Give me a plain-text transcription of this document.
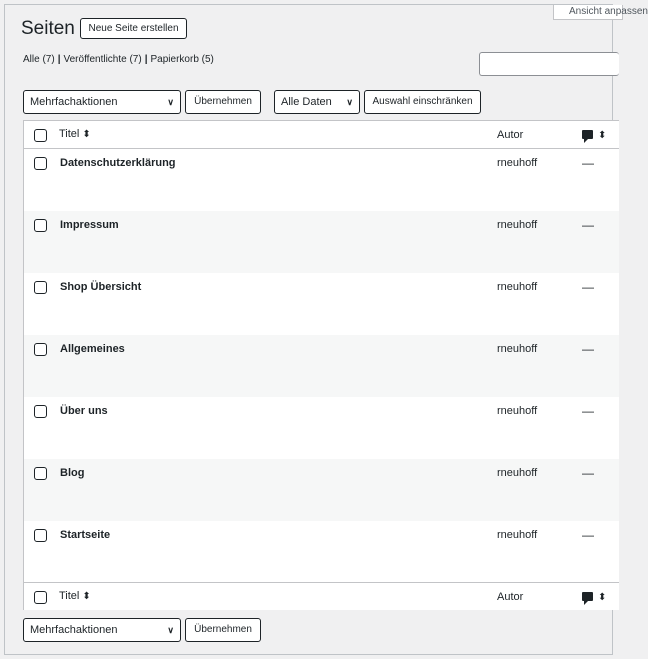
Ansicht anpassen
Seiten	Neue Seite erstellen
Alle (7) | Veröffentlichte (7) | Papierkorb (5)
Mehrfachaktionen	∨	Übernehmen	Alle Daten ∨	Auswahl einschränken
Titel ⬍	Autor	⬍
Datenschutzerklärung	rneuhoff	—
Impressum	rneuhoff	—
Shop Übersicht	rneuhoff	—
Allgemeines	rneuhoff	—
Über uns	rneuhoff	—
Blog	rneuhoff	—
Startseite	rneuhoff	—
Titel ⬍	Autor	⬍
Mehrfachaktionen	∨	Übernehmen
